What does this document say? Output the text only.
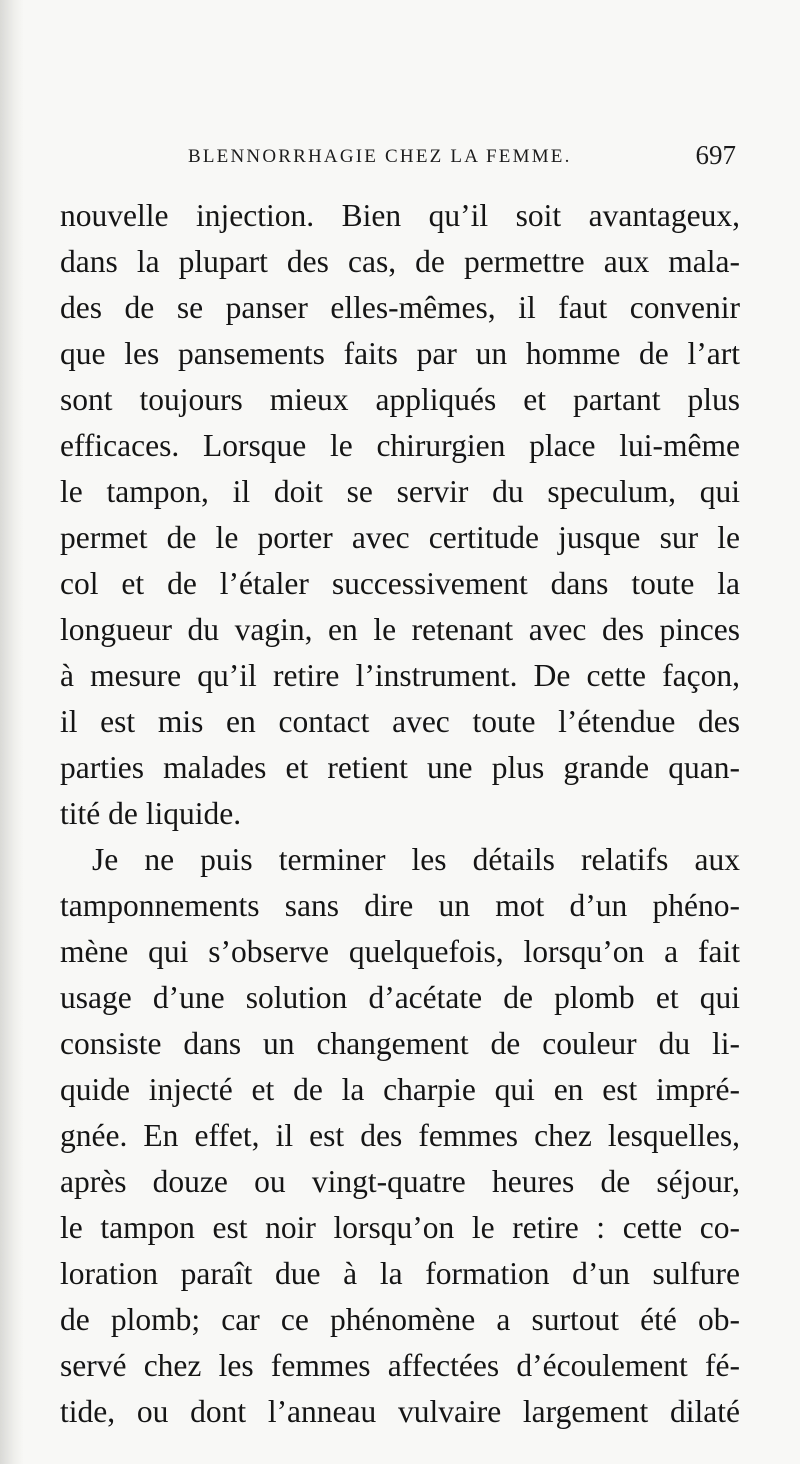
BLENNORRHAGIE CHEZ LA FEMME.	697
nouvelle injection. Bien qu’il soit avantageux,
dans la plupart des cas, de permettre aux mala-
des de se panser elles-mêmes, il faut convenir
que les pansements faits par un homme de l’art
sont toujours mieux appliqués et partant plus
efficaces. Lorsque le chirurgien place lui-même
le tampon, il doit se servir du speculum, qui
permet de le porter avec certitude jusque sur le
col et de l’étaler successivement dans toute la
longueur du vagin, en le retenant avec des pinces
à mesure qu’il retire l’instrument. De cette façon,
il est mis en contact avec toute l’étendue des
parties malades et retient une plus grande quan-
tité de liquide.
Je ne puis terminer les détails relatifs aux
tamponnements sans dire un mot d’un phéno-
mène qui s’observe quelquefois, lorsqu’on a fait
usage d’une solution d’acétate de plomb et qui
consiste dans un changement de couleur du li-
quide injecté et de la charpie qui en est impré-
gnée. En effet, il est des femmes chez lesquelles,
après douze ou vingt-quatre heures de séjour,
le tampon est noir lorsqu’on le retire : cette co-
loration paraît due à la formation d’un sulfure
de plomb; car ce phénomène a surtout été ob-
servé chez les femmes affectées d’écoulement fé-
tide, ou dont l’anneau vulvaire largement dilaté
